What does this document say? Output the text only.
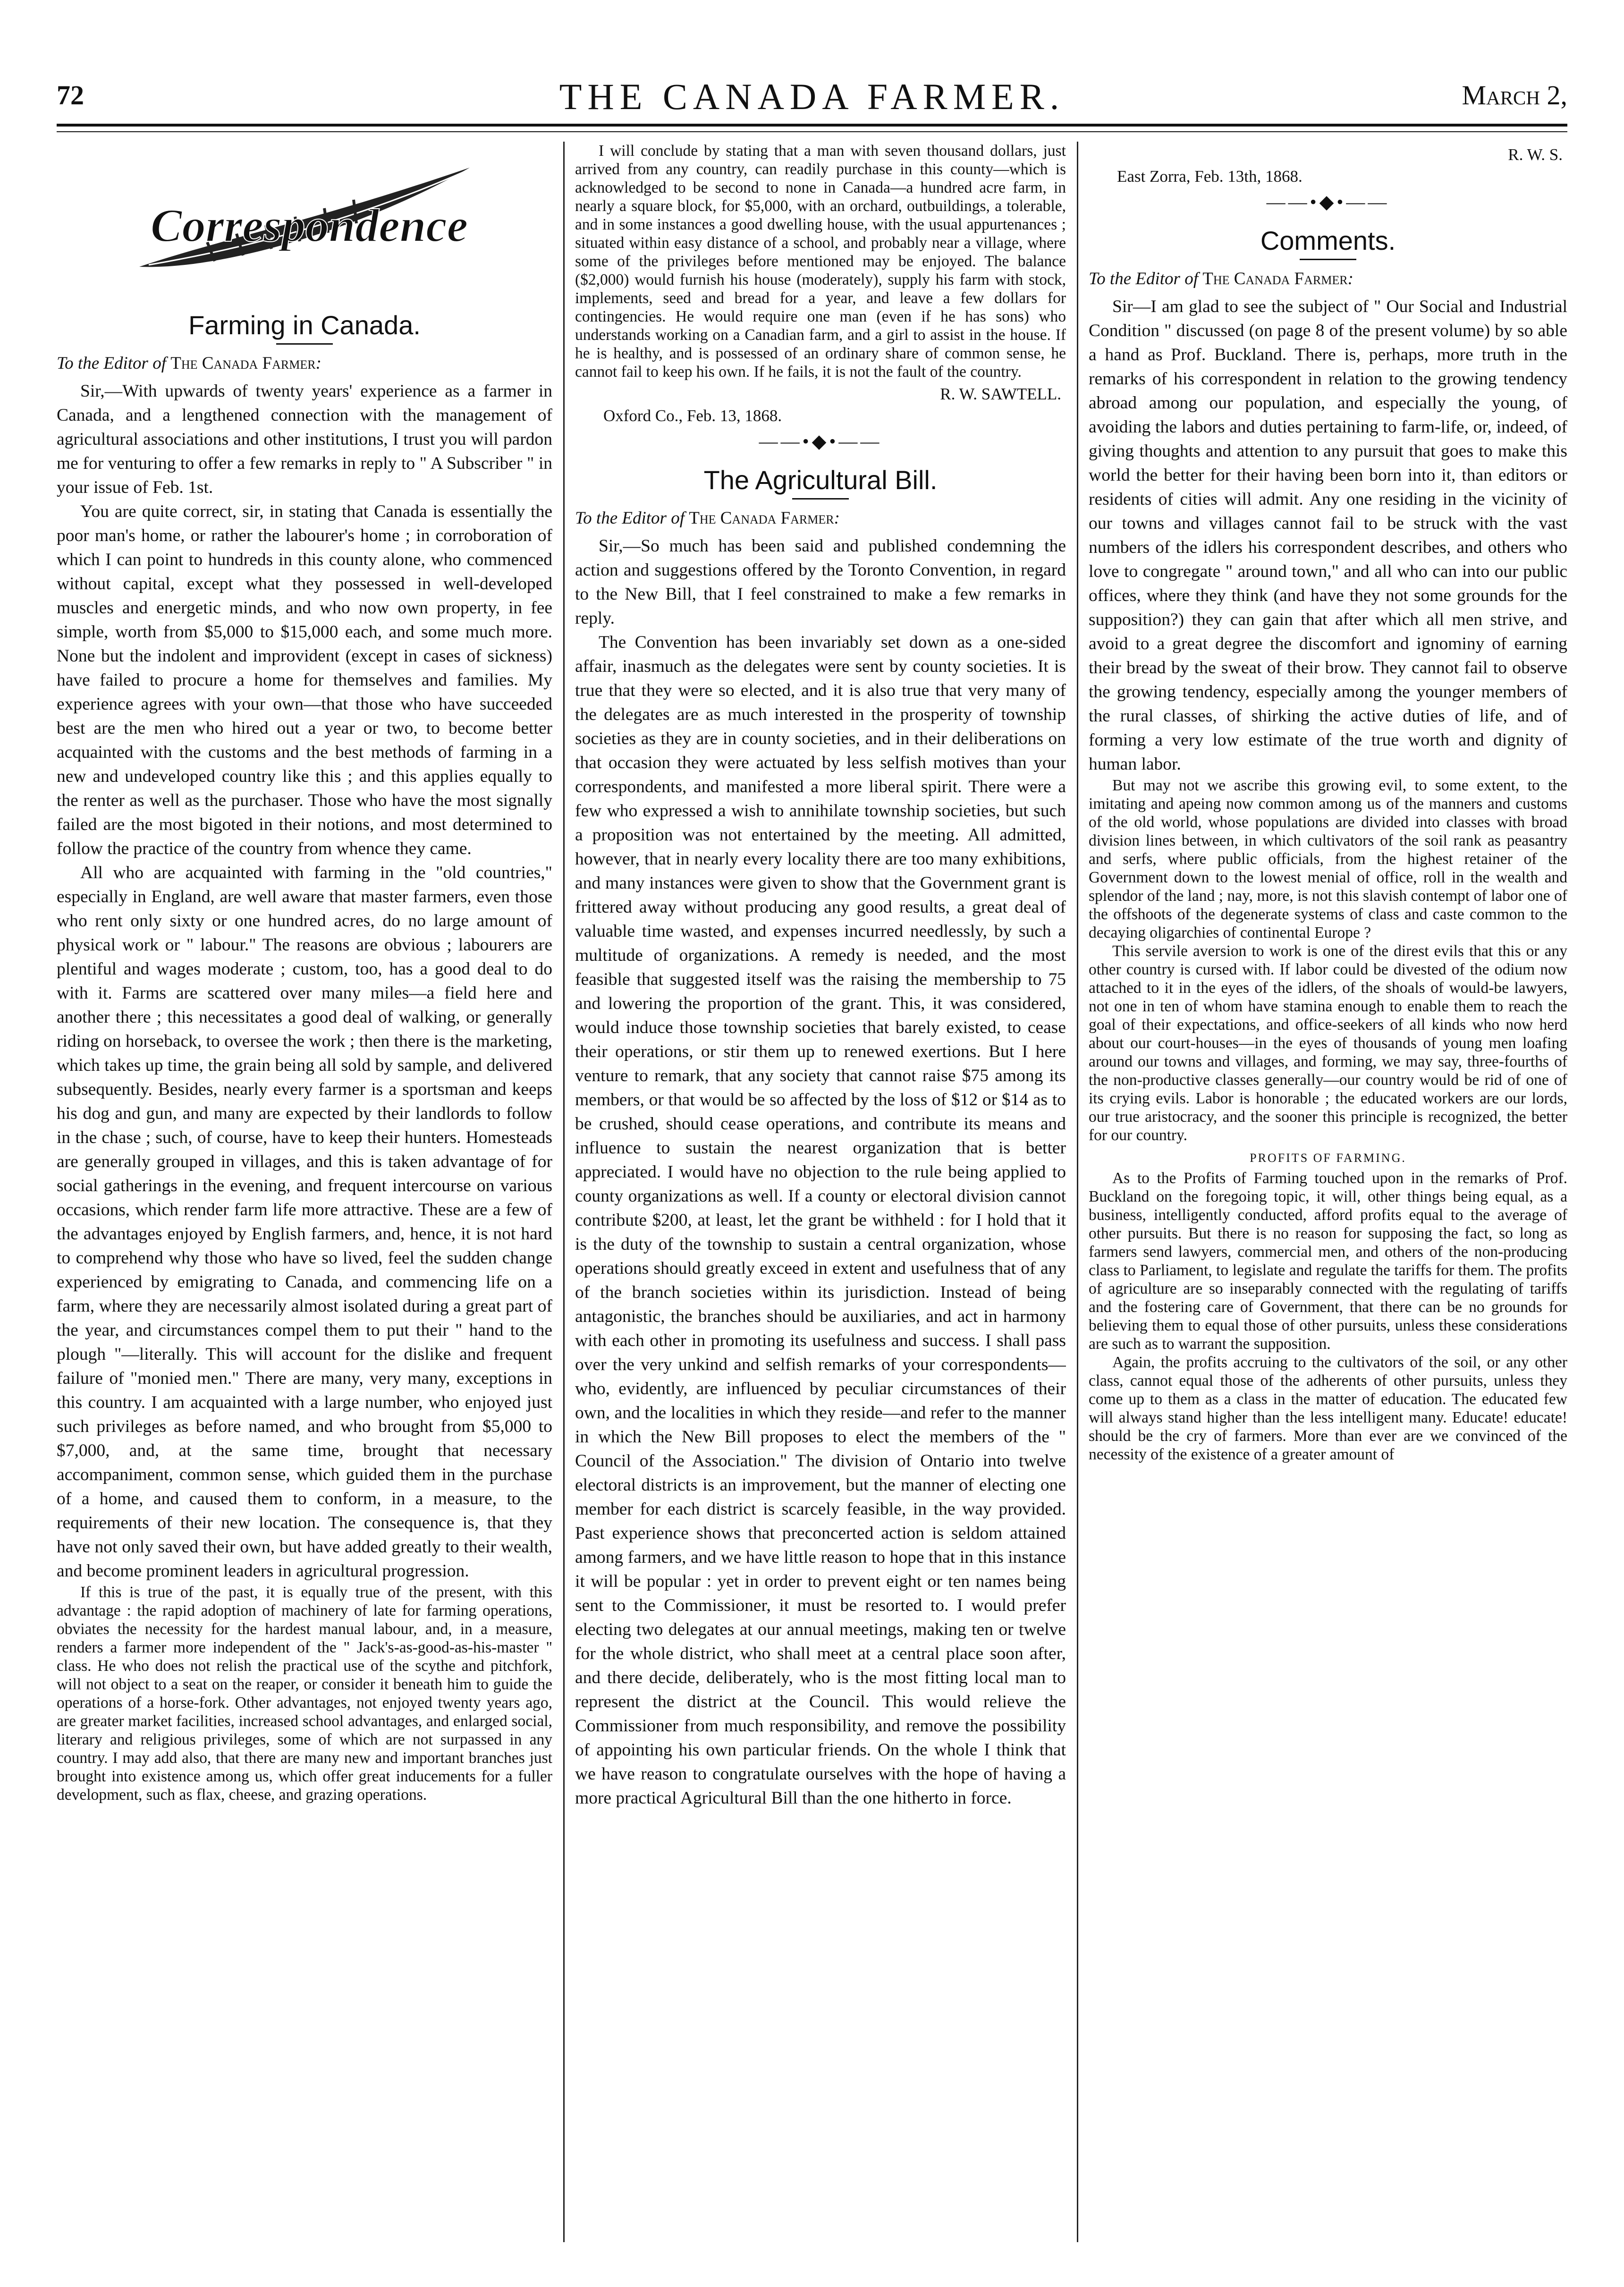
72	THE CANADA FARMER.	March 2,
Correspondence
Farming in Canada.
To the Editor of The Canada Farmer:

Sir,—With upwards of twenty years' experience as a farmer in Canada, and a lengthened connection with the management of agricultural associations and other institutions, I trust you will pardon me for venturing to offer a few remarks in reply to " A Subscriber " in your issue of Feb. 1st.

You are quite correct, sir, in stating that Canada is essentially the poor man's home, or rather the labourer's home ; in corroboration of which I can point to hundreds in this county alone, who commenced without capital, except what they possessed in well-developed muscles and energetic minds, and who now own property, in fee simple, worth from $5,000 to $15,000 each, and some much more. None but the indolent and improvident (except in cases of sickness) have failed to procure a home for themselves and families. My experience agrees with your own—that those who have succeeded best are the men who hired out a year or two, to become better acquainted with the customs and the best methods of farming in a new and undeveloped country like this ; and this applies equally to the renter as well as the purchaser. Those who have the most signally failed are the most bigoted in their notions, and most determined to follow the practice of the country from whence they came.

All who are acquainted with farming in the "old countries," especially in England, are well aware that master farmers, even those who rent only sixty or one hundred acres, do no large amount of physical work or " labour." The reasons are obvious ; labourers are plentiful and wages moderate ; custom, too, has a good deal to do with it. Farms are scattered over many miles—a field here and another there ; this necessitates a good deal of walking, or generally riding on horseback, to oversee the work ; then there is the marketing, which takes up time, the grain being all sold by sample, and delivered subsequently. Besides, nearly every farmer is a sportsman and keeps his dog and gun, and many are expected by their landlords to follow in the chase ; such, of course, have to keep their hunters. Homesteads are generally grouped in villages, and this is taken advantage of for social gatherings in the evening, and frequent intercourse on various occasions, which render farm life more attractive. These are a few of the advantages enjoyed by English farmers, and, hence, it is not hard to comprehend why those who have so lived, feel the sudden change experienced by emigrating to Canada, and commencing life on a farm, where they are necessarily almost isolated during a great part of the year, and circumstances compel them to put their " hand to the plough "—literally. This will account for the dislike and frequent failure of "monied men." There are many, very many, exceptions in this country. I am acquainted with a large number, who enjoyed just such privileges as before named, and who brought from $5,000 to $7,000, and, at the same time, brought that necessary accompaniment, common sense, which guided them in the purchase of a home, and caused them to conform, in a measure, to the requirements of their new location. The consequence is, that they have not only saved their own, but have added greatly to their wealth, and become prominent leaders in agricultural progression.

If this is true of the past, it is equally true of the present, with this advantage : the rapid adoption of machinery of late for farming operations, obviates the necessity for the hardest manual labour, and, in a measure, renders a farmer more independent of the " Jack's-as-good-as-his-master " class. He who does not relish the practical use of the scythe and pitchfork, will not object to a seat on the reaper, or consider it beneath him to guide the operations of a horse-fork. Other advantages, not enjoyed twenty years ago, are greater market facilities, increased school advantages, and enlarged social, literary and religious privileges, some of which are not surpassed in any country. I may add also, that there are many new and important branches just brought into existence among us, which offer great inducements for a fuller development, such as flax, cheese, and grazing operations.

I will conclude by stating that a man with seven thousand dollars, just arrived from any country, can readily purchase in this county—which is acknowledged to be second to none in Canada—a hundred acre farm, in nearly a square block, for $5,000, with an orchard, outbuildings, a tolerable, and in some instances a good dwelling house, with the usual appurtenances ; situated within easy distance of a school, and probably near a village, where some of the privileges before mentioned may be enjoyed. The balance ($2,000) would furnish his house (moderately), supply his farm with stock, implements, seed and bread for a year, and leave a few dollars for contingencies. He would require one man (even if he has sons) who understands working on a Canadian farm, and a girl to assist in the house. If he is healthy, and is possessed of an ordinary share of common sense, he cannot fail to keep his own. If he fails, it is not the fault of the country.

R. W. SAWTELL.
Oxford Co., Feb. 13, 1868.
——•◆•——
The Agricultural Bill.
To the Editor of The Canada Farmer:

Sir,—So much has been said and published condemning the action and suggestions offered by the Toronto Convention, in regard to the New Bill, that I feel constrained to make a few remarks in reply.

The Convention has been invariably set down as a one-sided affair, inasmuch as the delegates were sent by county societies. It is true that they were so elected, and it is also true that very many of the delegates are as much interested in the prosperity of township societies as they are in county societies, and in their deliberations on that occasion they were actuated by less selfish motives than your correspondents, and manifested a more liberal spirit. There were a few who expressed a wish to annihilate township societies, but such a proposition was not entertained by the meeting. All admitted, however, that in nearly every locality there are too many exhibitions, and many instances were given to show that the Government grant is frittered away without producing any good results, a great deal of valuable time wasted, and expenses incurred needlessly, by such a multitude of organizations. A remedy is needed, and the most feasible that suggested itself was the raising the membership to 75 and lowering the proportion of the grant. This, it was considered, would induce those township societies that barely existed, to cease their operations, or stir them up to renewed exertions. But I here venture to remark, that any society that cannot raise $75 among its members, or that would be so affected by the loss of $12 or $14 as to be crushed, should cease operations, and contribute its means and influence to sustain the nearest organization that is better appreciated. I would have no objection to the rule being applied to county organizations as well. If a county or electoral division cannot contribute $200, at least, let the grant be withheld : for I hold that it is the duty of the township to sustain a central organization, whose operations should greatly exceed in extent and usefulness that of any of the branch societies within its jurisdiction. Instead of being antagonistic, the branches should be auxiliaries, and act in harmony with each other in promoting its usefulness and success. I shall pass over the very unkind and selfish remarks of your correspondents—who, evidently, are influenced by peculiar circumstances of their own, and the localities in which they reside—and refer to the manner in which the New Bill proposes to elect the members of the " Council of the Association." The division of Ontario into twelve electoral districts is an improvement, but the manner of electing one member for each district is scarcely feasible, in the way provided. Past experience shows that preconcerted action is seldom attained among farmers, and we have little reason to hope that in this instance it will be popular : yet in order to prevent eight or ten names being sent to the Commissioner, it must be resorted to. I would prefer electing two delegates at our annual meetings, making ten or twelve for the whole district, who shall meet at a central place soon after, and there decide, deliberately, who is the most fitting local man to represent the district at the Council. This would relieve the Commissioner from much responsibility, and remove the possibility of appointing his own particular friends. On the whole I think that we have reason to congratulate ourselves with the hope of having a more practical Agricultural Bill than the one hitherto in force.

R. W. S.
East Zorra, Feb. 13th, 1868.
——•◆•——
Comments.
To the Editor of The Canada Farmer:

Sir—I am glad to see the subject of " Our Social and Industrial Condition " discussed (on page 8 of the present volume) by so able a hand as Prof. Buckland. There is, perhaps, more truth in the remarks of his correspondent in relation to the growing tendency abroad among our population, and especially the young, of avoiding the labors and duties pertaining to farm-life, or, indeed, of giving thoughts and attention to any pursuit that goes to make this world the better for their having been born into it, than editors or residents of cities will admit. Any one residing in the vicinity of our towns and villages cannot fail to be struck with the vast numbers of the idlers his correspondent describes, and others who love to congregate " around town," and all who can into our public offices, where they think (and have they not some grounds for the supposition?) they can gain that after which all men strive, and avoid to a great degree the discomfort and ignominy of earning their bread by the sweat of their brow. They cannot fail to observe the growing tendency, especially among the younger members of the rural classes, of shirking the active duties of life, and of forming a very low estimate of the true worth and dignity of human labor.

But may not we ascribe this growing evil, to some extent, to the imitating and apeing now common among us of the manners and customs of the old world, whose populations are divided into classes with broad division lines between, in which cultivators of the soil rank as peasantry and serfs, where public officials, from the highest retainer of the Government down to the lowest menial of office, roll in the wealth and splendor of the land ; nay, more, is not this slavish contempt of labor one of the offshoots of the degenerate systems of class and caste common to the decaying oligarchies of continental Europe ?

This servile aversion to work is one of the direst evils that this or any other country is cursed with. If labor could be divested of the odium now attached to it in the eyes of the idlers, of the shoals of would-be lawyers, not one in ten of whom have stamina enough to enable them to reach the goal of their expectations, and office-seekers of all kinds who now herd about our court-houses—in the eyes of thousands of young men loafing around our towns and villages, and forming, we may say, three-fourths of the non-productive classes generally—our country would be rid of one of its crying evils. Labor is honorable ; the educated workers are our lords, our true aristocracy, and the sooner this principle is recognized, the better for our country.

PROFITS OF FARMING.

As to the Profits of Farming touched upon in the remarks of Prof. Buckland on the foregoing topic, it will, other things being equal, as a business, intelligently conducted, afford profits equal to the average of other pursuits. But there is no reason for supposing the fact, so long as farmers send lawyers, commercial men, and others of the non-producing class to Parliament, to legislate and regulate the tariffs for them. The profits of agriculture are so inseparably connected with the regulating of tariffs and the fostering care of Government, that there can be no grounds for believing them to equal those of other pursuits, unless these considerations are such as to warrant the supposition.

Again, the profits accruing to the cultivators of the soil, or any other class, cannot equal those of the adherents of other pursuits, unless they come up to them as a class in the matter of education. The educated few will always stand higher than the less intelligent many. Educate! educate! should be the cry of farmers. More than ever are we convinced of the necessity of the existence of a greater amount of
